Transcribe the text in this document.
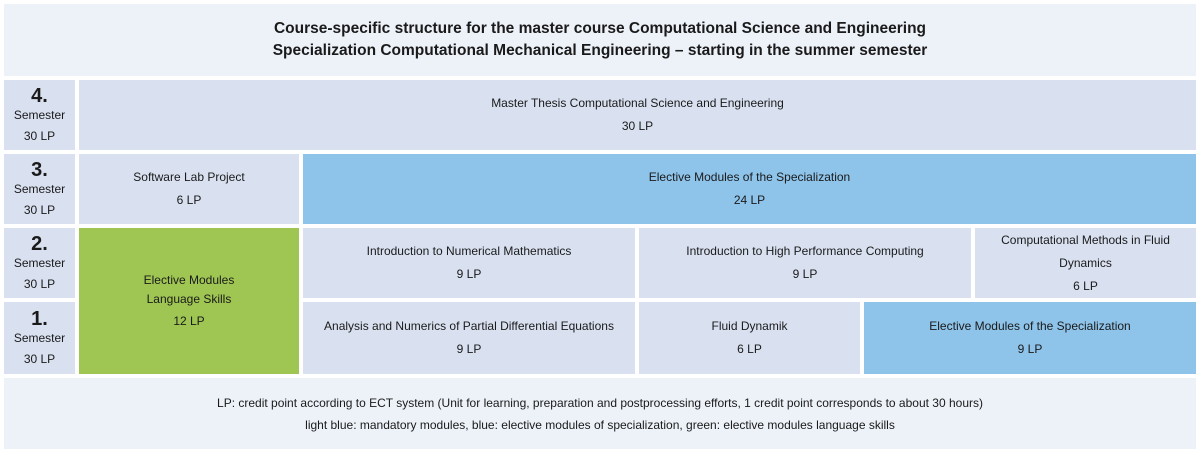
Course-specific structure for the master course Computational Science and Engineering
Specialization Computational Mechanical Engineering – starting in the summer semester
4.
Semester
30 LP
Master Thesis Computational Science and Engineering
30 LP
3.
Semester
30 LP
Software Lab Project
6 LP
Elective Modules of the Specialization
24 LP
2.
Semester
30 LP	Elective Modules
Language Skills
12 LP
Introduction to Numerical Mathematics
9 LP
Introduction to High Performance Computing
9 LP
Computational Methods in Fluid Dynamics
6 LP
1.
Semester
30 LP
Analysis and Numerics of Partial Differential Equations
9 LP
Fluid Dynamik
6 LP
Elective Modules of the Specialization
9 LP
LP: credit point according to ECT system (Unit for learning, preparation and postprocessing efforts, 1 credit point corresponds to about 30 hours)
light blue: mandatory modules, blue: elective modules of specialization, green: elective modules language skills
